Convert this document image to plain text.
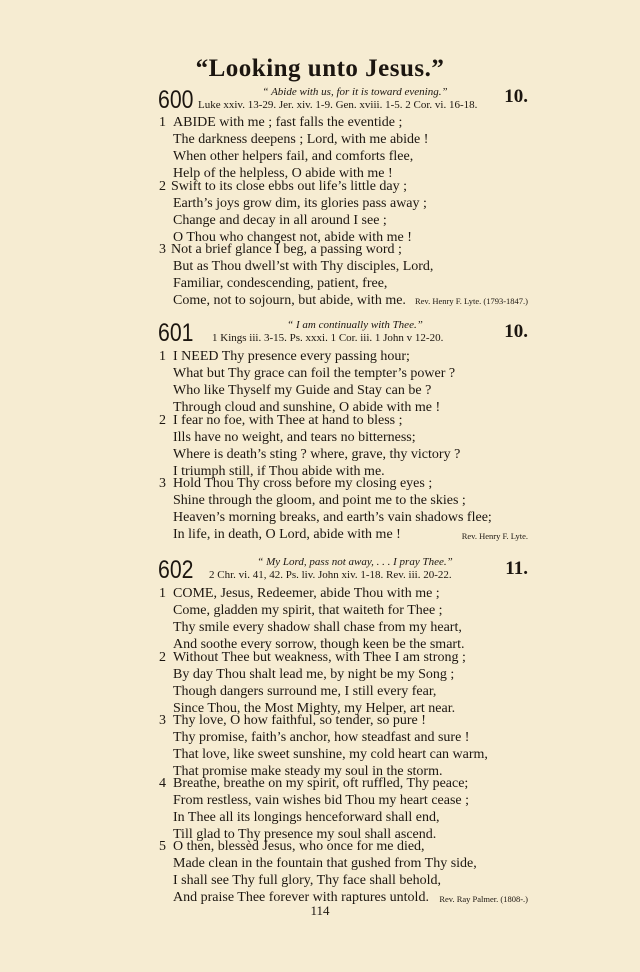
“Looking unto Jesus.”
600	“ Abide with us, for it is toward evening.”
Luke xxiv. 13-29. Jer. xiv. 1-9. Gen. xviii. 1-5. 2 Cor. vi. 16-18. 10.
1 ABIDE with me ; fast falls the eventide ;
The darkness deepens ; Lord, with me abide !
When other helpers fail, and comforts flee,
Help of the helpless, O abide with me !
2 Swift to its close ebbs out life’s little day ;
Earth’s joys grow dim, its glories pass away ;
Change and decay in all around I see ;
O Thou who changest not, abide with me !
3 Not a brief glance I beg, a passing word ;
But as Thou dwell’st with Thy disciples, Lord,
Familiar, condescending, patient, free,
Come, not to sojourn, but abide, with me. Rev. Henry F. Lyte. (1793-1847.)
601	“ I am continually with Thee.”
1 Kings iii. 3-15. Ps. xxxi. 1 Cor. iii. 1 John v 12-20.	10.
1 I NEED Thy presence every passing hour;
What but Thy grace can foil the tempter’s power ?
Who like Thyself my Guide and Stay can be ?
Through cloud and sunshine, O abide with me !
2 I fear no foe, with Thee at hand to bless ;
Ills have no weight, and tears no bitterness;
Where is death’s sting ? where, grave, thy victory ?
I triumph still, if Thou abide with me.
3 Hold Thou Thy cross before my closing eyes ;
Shine through the gloom, and point me to the skies ;
Heaven’s morning breaks, and earth’s vain shadows flee;
In life, in death, O Lord, abide with me !	Rev. Henry F. Lyte.
602	“ My Lord, pass not away, . . . I pray Thee.”
2 Chr. vi. 41, 42. Ps. liv. John xiv. 1-18. Rev. iii. 20-22.	11.
1 COME, Jesus, Redeemer, abide Thou with me ;
Come, gladden my spirit, that waiteth for Thee ;
Thy smile every shadow shall chase from my heart,
And soothe every sorrow, though keen be the smart.
2 Without Thee but weakness, with Thee I am strong ;
By day Thou shalt lead me, by night be my Song ;
Though dangers surround me, I still every fear,
Since Thou, the Most Mighty, my Helper, art near.
3 Thy love, O how faithful, so tender, so pure !
Thy promise, faith’s anchor, how steadfast and sure !
That love, like sweet sunshine, my cold heart can warm,
That promise make steady my soul in the storm.
4 Breathe, breathe on my spirit, oft ruffled, Thy peace;
From restless, vain wishes bid Thou my heart cease ;
In Thee all its longings henceforward shall end,
Till glad to Thy presence my soul shall ascend.
5 O then, blessèd Jesus, who once for me died,
Made clean in the fountain that gushed from Thy side,
I shall see Thy full glory, Thy face shall behold,
And praise Thee forever with raptures untold. Rev. Ray Palmer. (1808-.)
114
